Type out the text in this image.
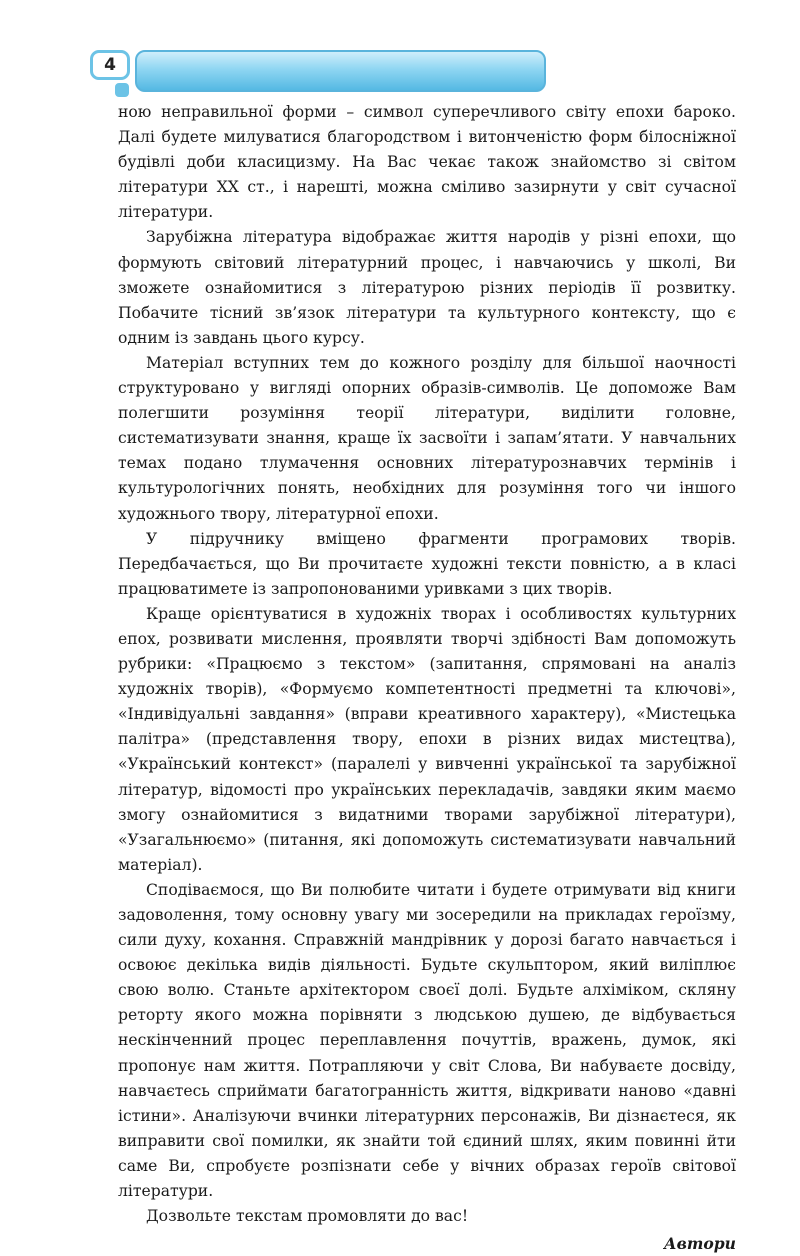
4

ною неправильної форми – символ суперечливого світу епохи бароко. Далі будете милуватися благородством і витонченістю форм білосніжної будівлі доби класицизму. На Вас чекає також знайомство зі світом літератури ХХ ст., і нарешті, можна сміливо зазирнути у світ сучасної літератури.

Зарубіжна література відображає життя народів у різні епохи, що формують світовий літературний процес, і навчаючись у школі, Ви зможете ознайомитися з літературою різних періодів її розвитку. Побачите тісний зв’язок літератури та культурного контексту, що є одним із завдань цього курсу.

Матеріал вступних тем до кожного розділу для більшої наочності структуровано у вигляді опорних образів-символів. Це допоможе Вам полегшити розуміння теорії літератури, виділити головне, систематизувати знання, краще їх засвоїти і запам’ятати. У навчальних темах подано тлумачення основних літературознавчих термінів і культурологічних понять, необхідних для розуміння того чи іншого художнього твору, літературної епохи.

У підручнику вміщено фрагменти програмових творів. Передбачається, що Ви прочитаєте художні тексти повністю, а в класі працюватимете із запропонованими уривками з цих творів.

Краще орієнтуватися в художніх творах і особливостях культурних епох, розвивати мислення, проявляти творчі здібності Вам допоможуть рубрики: «Працюємо з текстом» (запитання, спрямовані на аналіз художніх творів), «Формуємо компетентності предметні та ключові», «Індивідуальні завдання» (вправи креативного характеру), «Мистецька палітра» (представлення твору, епохи в різних видах мистецтва), «Український контекст» (паралелі у вивченні української та зарубіжної літератур, відомості про українських перекладачів, завдяки яким маємо змогу ознайомитися з видатними творами зарубіжної літератури), «Узагальнюємо» (питання, які допоможуть систематизувати навчальний матеріал).

Сподіваємося, що Ви полюбите читати і будете отримувати від книги задоволення, тому основну увагу ми зосередили на прикладах героїзму, сили духу, кохання. Справжній мандрівник у дорозі багато навчається і освоює декілька видів діяльності. Будьте скульптором, який виліплює свою волю. Станьте архітектором своєї долі. Будьте алхіміком, скляну реторту якого можна порівняти з людською душею, де відбувається нескінченний процес переплавлення почуттів, вражень, думок, які пропонує нам життя. Потрапляючи у світ Слова, Ви набуваєте досвіду, навчаєтесь сприймати багатогранність життя, відкривати наново «давні істини». Аналізуючи вчинки літературних персонажів, Ви дізнаєтеся, як виправити свої помилки, як знайти той єдиний шлях, яким повинні йти саме Ви, спробуєте розпізнати себе у вічних образах героїв світової літератури.

Дозвольте текстам промовляти до вас!

Автори
